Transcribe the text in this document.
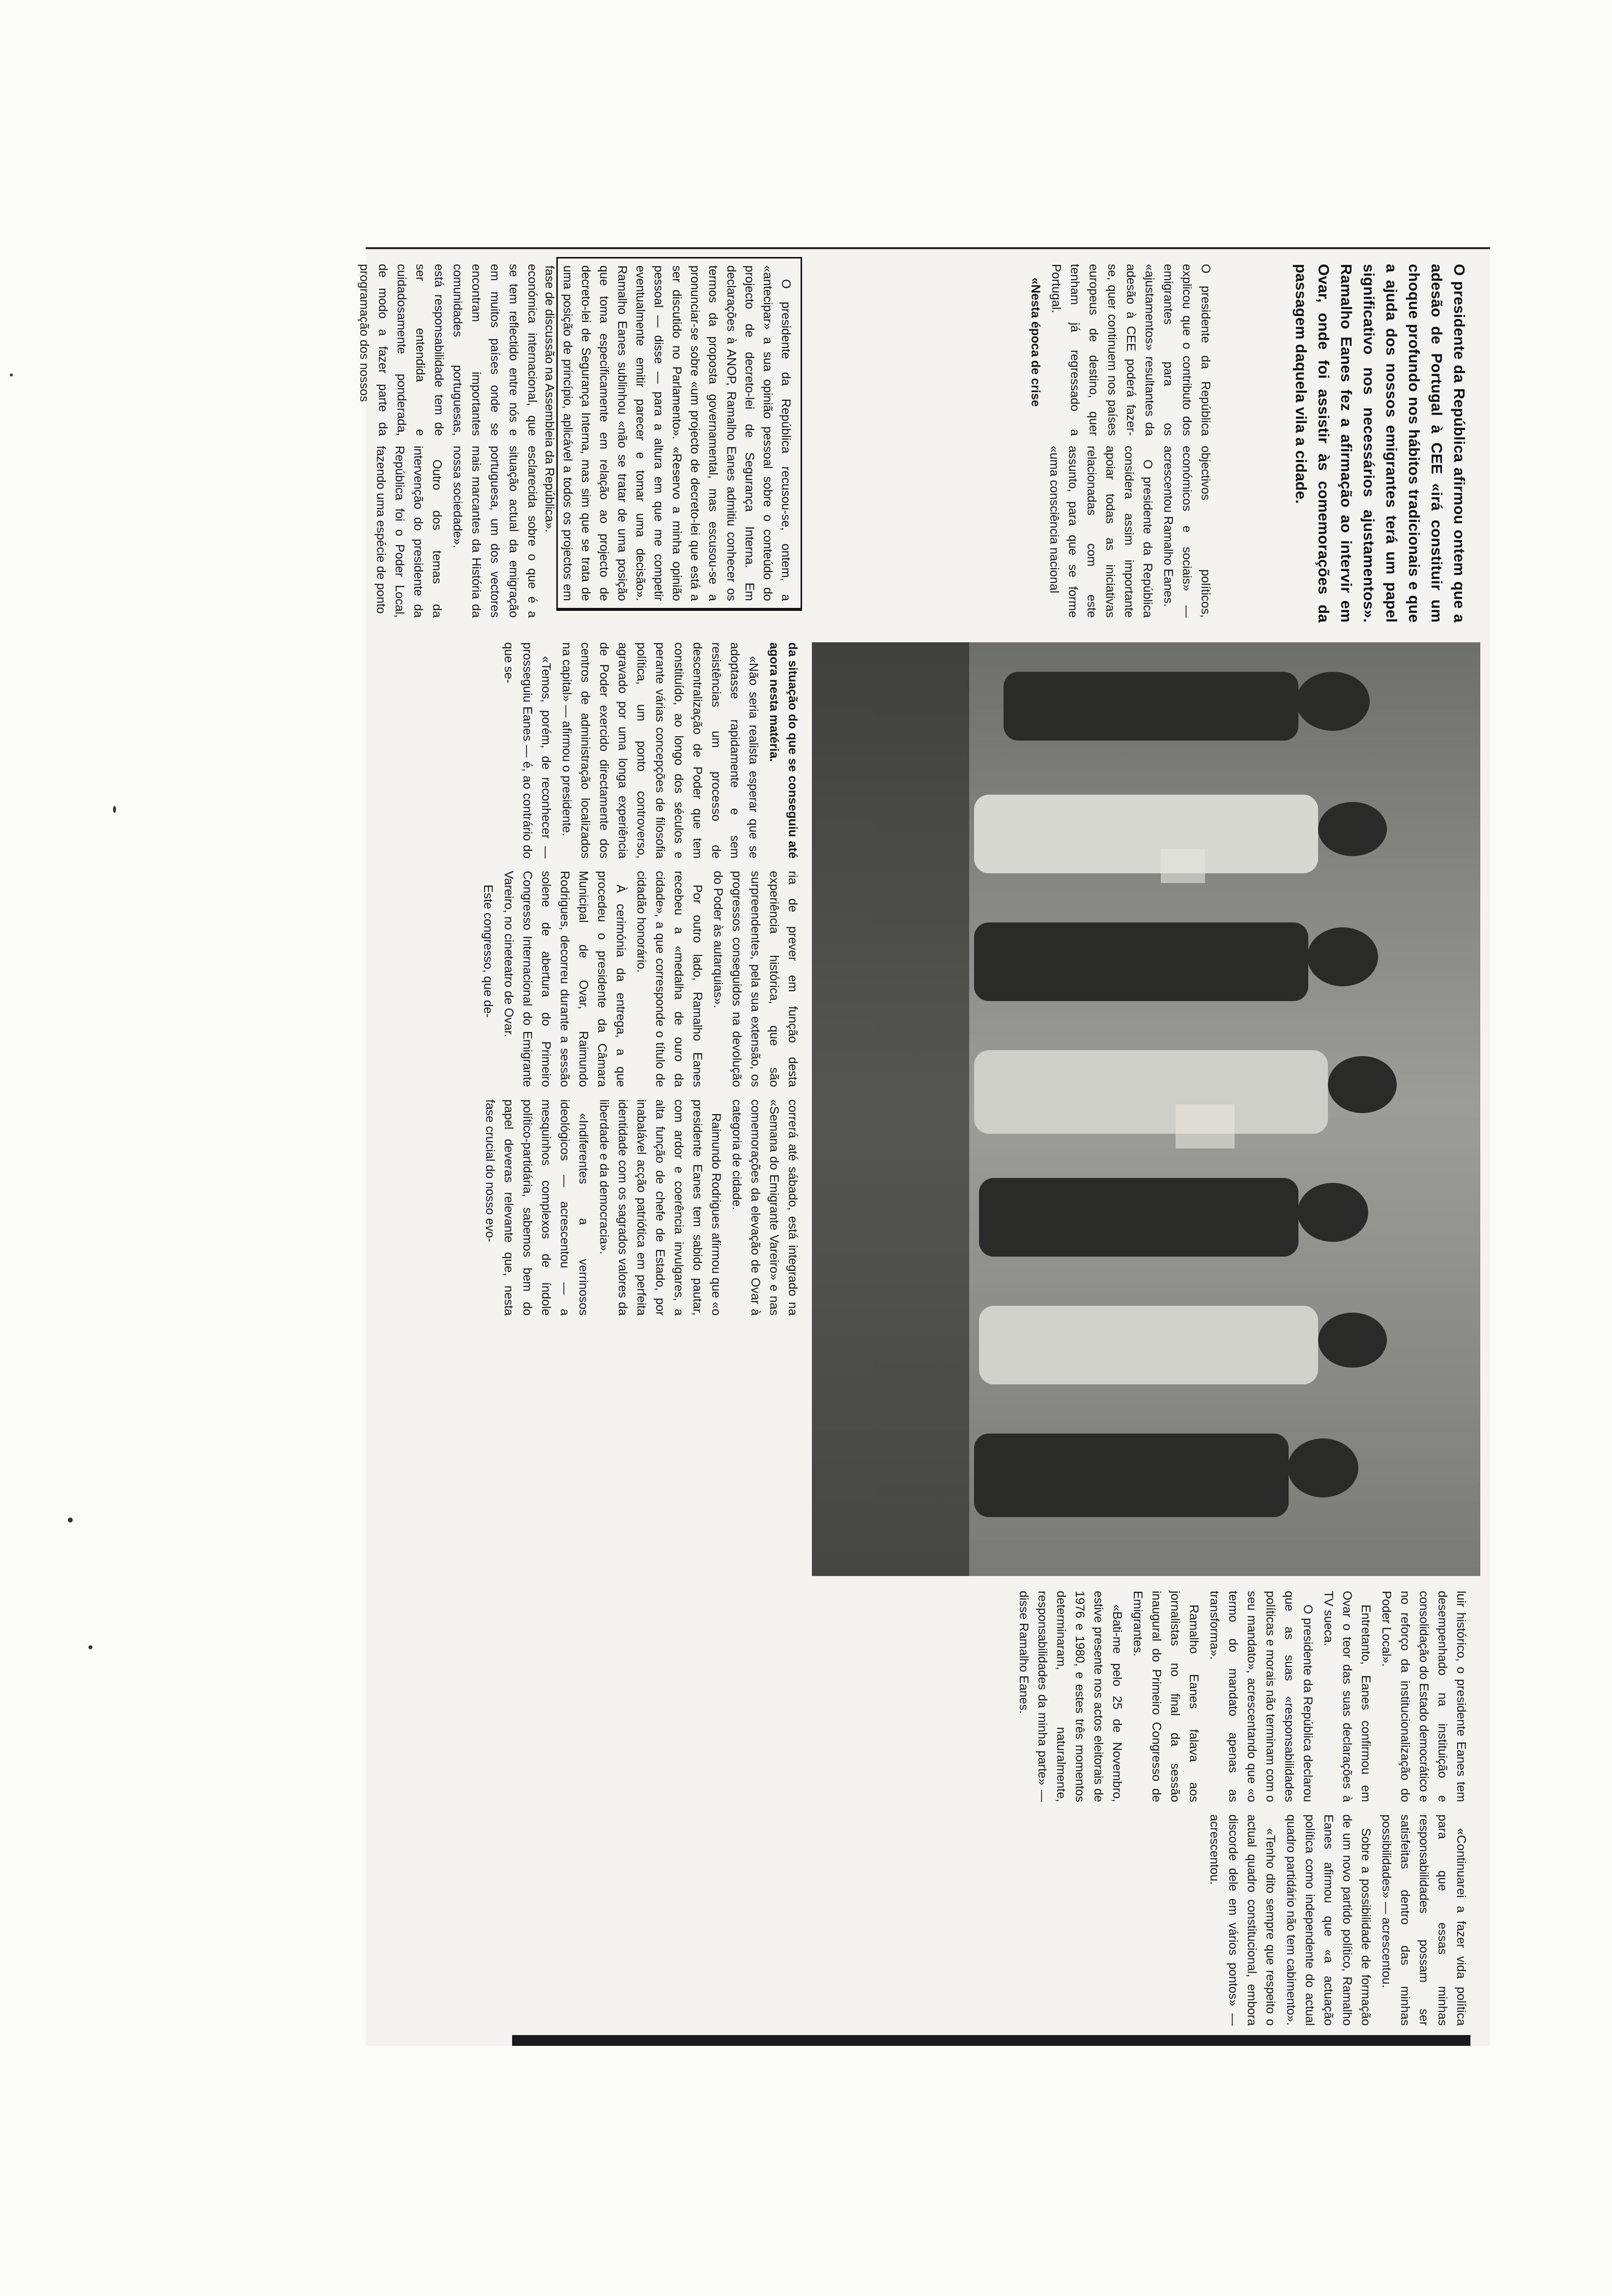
O presidente da República afirmou ontem que a adesão de Portugal à CEE «irá constituir um choque profundo nos hábitos tradicionais e que a ajuda dos nossos emigrantes terá um papel significativo nos necessários ajustamentos». Ramalho Eanes fez a afirmação ao intervir em Ovar, onde foi assistir às comemorações da passagem daquela vila a cidade.

O presidente da República explicou que o contributo dos emigrantes para os «ajustamentos» resultantes da adesão à CEE poderá fazer-se, quer continuem nos países europeus de destino, quer tenham já regressado a Portugal.

«Nesta época de crise

objectivos políticos, económicos e sociais» — acrescentou Ramalho Eanes.

O presidente da República considera assim importante apoiar todas as iniciativas relacionadas com este assunto, para que se forme «uma consciência nacional

O presidente da República recusou-se, ontem, a «antecipar» a sua opinião pessoal sobre o conteúdo do projecto de decreto-lei de Segurança Interna. Em declarações à ANOP, Ramalho Eanes admitiu conhecer os termos da proposta governamental, mas escusou-se a pronunciar-se sobre «um projecto de decreto-lei que está a ser discutido no Parlamento». «Reservo a minha opinião pessoal — disse — para a altura em que me competir eventualmente emitir parecer e tomar uma decisão». Ramalho Eanes sublinhou «não se tratar de uma posição que toma especificamente em relação ao projecto de decreto-lei de Segurança Interna, mas sim que se trata de uma posição de princípio, aplicável a todos os projectos em fase de discussão na Assembleia da República».

económica internacional, que se tem reflectido entre nós e em muitos países onde se encontram importantes comunidades portuguesas, está responsabilidade tem de ser entendida e cuidadosamente ponderada, de modo a fazer parte da programação dos nossos

esclarecida sobre o que é a situação actual da emigração portuguesa, um dos vectores mais marcantes da História da nossa sociedade».

Outro dos temas da intervenção do presidente da República foi o Poder Local, fazendo uma espécie de ponto

da situação do que se conseguiu até agora nesta matéria.

«Não seria realista esperar que se adoptasse rapidamente e sem resistências um processo de descentralização de Poder que tem constituído, ao longo dos séculos e perante várias concepções de filosofia política, um ponto controverso, agravado por uma longa experiência de Poder exercido directamente dos centros de administração localizados na capital» — afirmou o presidente.

«Temos, porém, de reconhecer — prosseguiu Eanes — é, ao contrário do que se-

ria de prever em função desta experiência histórica, que são surpreendentes, pela sua extensão, os progressos conseguidos na devolução do Poder às autarquias».

Por outro lado, Ramalho Eanes recebeu a «medalha de ouro da cidade», a que corresponde o título de cidadão honorário.

À cerimónia da entrega, a que procedeu o presidente da Câmara Municipal de Ovar, Raimundo Rodrigues, decorreu durante a sessão solene de abertura do Primeiro Congresso Internacional do Emigrante Vareiro, no cineteatro de Ovar.

Este congresso, que de-

correrá até sábado, está integrado na «Semana do Emigrante Vareiro» e nas comemorações da elevação de Ovar à categoria de cidade.

Raimundo Rodrigues afirmou que «o presidente Eanes tem sabido pautar, com ardor e coerência invulgares, a alta função de chefe de Estado, por inabalável acção patriótica em perfeita identidade com os sagrados valores da liberdade e da democracia».

«Indiferentes a verrinosos ideológicos — acrescentou — a mesquinhos complexos de índole político-partidária, sabemos bem do papel deveras relevante que, nesta fase crucial do nosso evo-

luir histórico, o presidente Eanes tem desempenhado na instituição e consolidação do Estado democrático e no reforço da institucionalização do Poder Local».

Entretanto, Eanes confirmou em Ovar o teor das suas declarações à TV sueca.

O presidente da República declarou que as suas «responsabilidades políticas e morais não terminam com o seu mandato», acrescentando que «o termo do mandato apenas as transforma».

Ramalho Eanes falava aos jornalistas no final da sessão inaugural do Primeiro Congresso de Emigrantes.

«Bati-me pelo 25 de Novembro, estive presente nos actos eleitorais de 1976 e 1980, e estes três momentos determinaram, naturalmente, responsabilidades da minha parte» — disse Ramalho Eanes.

«Continuarei a fazer vida política para que essas minhas responsabilidades possam ser satisfeitas dentro das minhas possibilidades» — acrescentou.

Sobre a possibilidade de formação de um novo partido político, Ramalho Eanes afirmou que «a actuação política como independente do actual quadro partidário não tem cabimento».

«Tenho dito sempre que respeito o actual quadro constitucional, embora discorde dele em vários pontos» — acrescentou.
